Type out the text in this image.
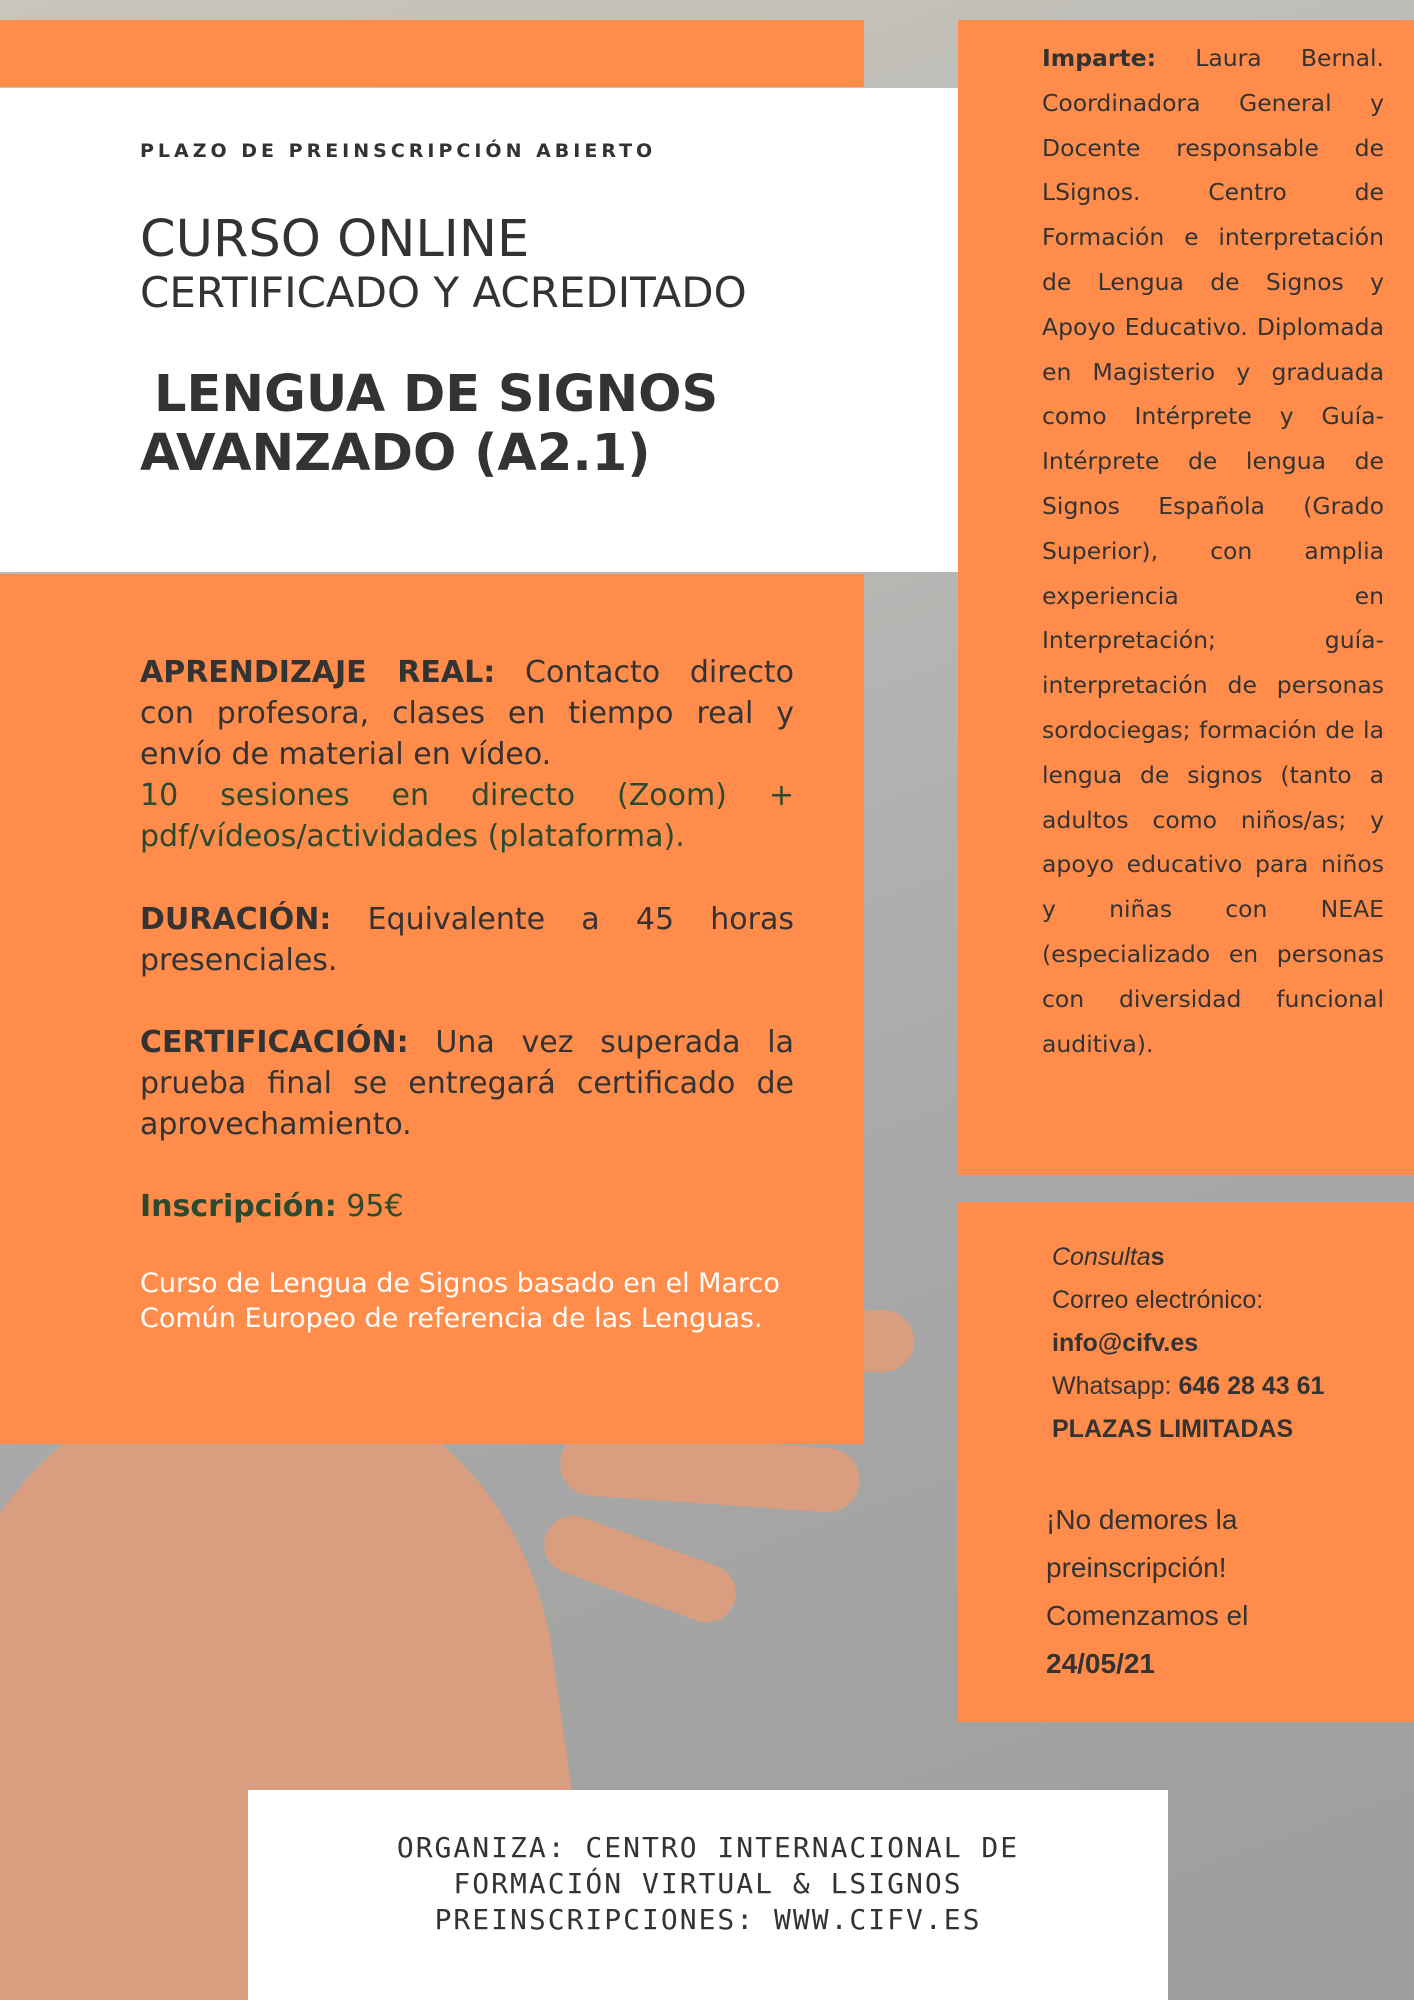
PLAZO DE PREINSCRIPCIÓN ABIERTO

CURSO ONLINE

CERTIFICADO Y ACREDITADO

LENGUA DE SIGNOS
AVANZADO (A2.1)

APRENDIZAJE REAL: Contacto directo con profesora, clases en tiempo real y envío de material en vídeo.

10 sesiones en directo (Zoom) + pdf/vídeos/actividades (plataforma).

DURACIÓN: Equivalente a 45 horas presenciales.

CERTIFICACIÓN: Una vez superada la prueba final se entregará certificado de aprovechamiento.

Inscripción: 95€

Curso de Lengua de Signos basado en el Marco Común Europeo de referencia de las Lenguas.

Imparte: Laura Bernal. Coordinadora General y Docente responsable de LSignos. Centro de Formación e interpretación de Lengua de Signos y Apoyo Educativo. Diplomada en Magisterio y graduada como Intérprete y Guía-Intérprete de lengua de Signos Española (Grado Superior), con amplia experiencia en Interpretación; guía-interpretación de personas sordociegas; formación de la lengua de signos (tanto a adultos como niños/as; y apoyo educativo para niños y niñas con NEAE (especializado en personas con diversidad funcional auditiva).

Consultas
Correo electrónico:
info@cifv.es
Whatsapp: 646 28 43 61
PLAZAS LIMITADAS
¡No demores la
preinscripción!
Comenzamos el
24/05/21

ORGANIZA: CENTRO INTERNACIONAL DE
FORMACIÓN VIRTUAL & LSIGNOS
PREINSCRIPCIONES: WWW.CIFV.ES
